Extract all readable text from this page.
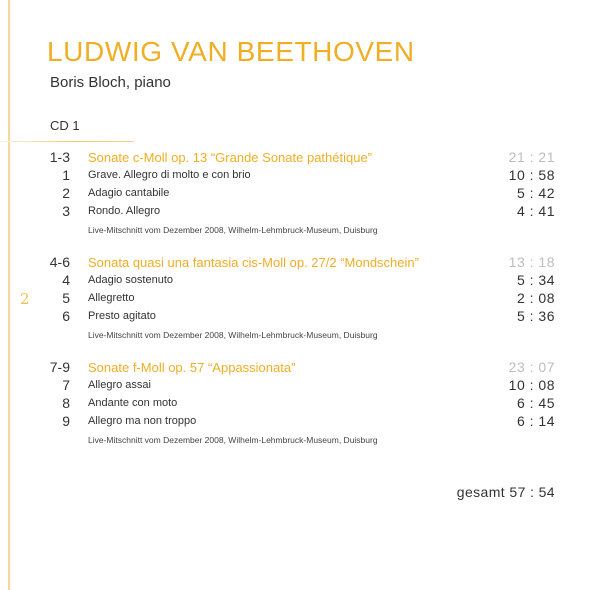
2
LUDWIG VAN BEETHOVEN
Boris Bloch, piano
CD 1
1-3 Sonate c-Moll op. 13 “Grande Sonate pathétique”	21 : 21
1 Grave. Allegro di molto e con brio	10 : 58
2 Adagio cantabile	5 : 42
3 Rondo. Allegro	4 : 41
Live-Mitschnitt vom Dezember 2008, Wilhelm-Lehmbruck-Museum, Duisburg
4-6 Sonata quasi una fantasia cis-Moll op. 27/2 “Mondschein”	13 : 18
4 Adagio sostenuto	5 : 34
5 Allegretto	2 : 08
6 Presto agitato	5 : 36
Live-Mitschnitt vom Dezember 2008, Wilhelm-Lehmbruck-Museum, Duisburg
7-9 Sonate f-Moll op. 57 “Appassionata”	23 : 07
7 Allegro assai	10 : 08
8 Andante con moto	6 : 45
9 Allegro ma non troppo	6 : 14
Live-Mitschnitt vom Dezember 2008, Wilhelm-Lehmbruck-Museum, Duisburg
gesamt 57 : 54
